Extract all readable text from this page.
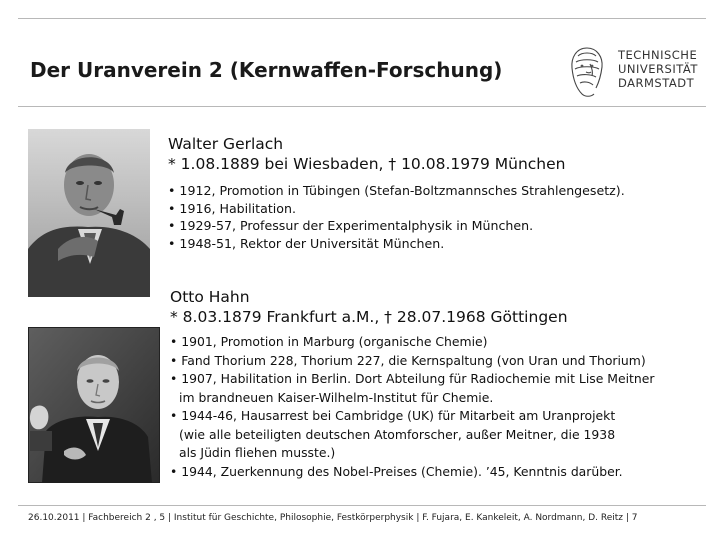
Der Uranverein 2 (Kernwaffen-Forschung)
TECHNISCHE
UNIVERSITÄT
DARMSTADT
Walter Gerlach
* 1.08.1889 bei Wiesbaden, † 10.08.1979 München
• 1912, Promotion in Tübingen (Stefan-Boltzmannsches Strahlengesetz).
• 1916, Habilitation.
• 1929-57, Professur der Experimentalphysik in München.
• 1948-51, Rektor der Universität München.
Otto Hahn
* 8.03.1879 Frankfurt a.M., † 28.07.1968 Göttingen
• 1901, Promotion in Marburg (organische Chemie)
• Fand Thorium 228, Thorium 227, die Kernspaltung (von Uran und Thorium)
• 1907, Habilitation in Berlin. Dort Abteilung für Radiochemie mit Lise Meitner
im brandneuen Kaiser-Wilhelm-Institut für Chemie.
• 1944-46, Hausarrest bei Cambridge (UK) für Mitarbeit am Uranprojekt
(wie alle beteiligten deutschen Atomforscher, außer Meitner, die 1938
als Jüdin fliehen musste.)
• 1944, Zuerkennung des Nobel-Preises (Chemie). ’45, Kenntnis darüber.
26.10.2011 | Fachbereich 2 , 5 | Institut für Geschichte, Philosophie, Festkörperphysik | F. Fujara, E. Kankeleit, A. Nordmann, D. Reitz | 7
